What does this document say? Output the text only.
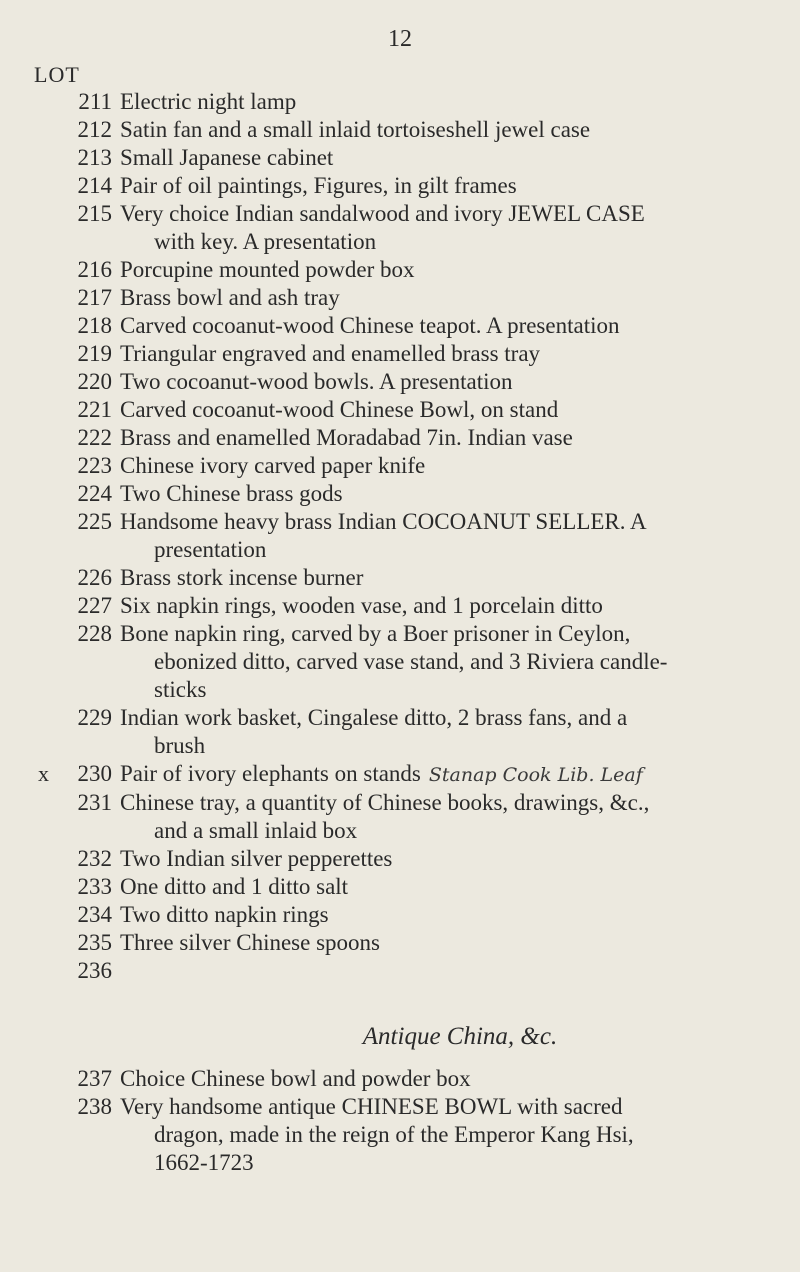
12
LOT
211 Electric night lamp
212 Satin fan and a small inlaid tortoiseshell jewel case
213 Small Japanese cabinet
214 Pair of oil paintings, Figures, in gilt frames
215 Very choice Indian sandalwood and ivory JEWEL CASE
with key. A presentation
216 Porcupine mounted powder box
217 Brass bowl and ash tray
218 Carved cocoanut-wood Chinese teapot. A presentation
219 Triangular engraved and enamelled brass tray
220 Two cocoanut-wood bowls. A presentation
221 Carved cocoanut-wood Chinese Bowl, on stand
222 Brass and enamelled Moradabad 7in. Indian vase
223 Chinese ivory carved paper knife
224 Two Chinese brass gods
225 Handsome heavy brass Indian COCOANUT SELLER. A
presentation
226 Brass stork incense burner
227 Six napkin rings, wooden vase, and 1 porcelain ditto
228 Bone napkin ring, carved by a Boer prisoner in Ceylon,
ebonized ditto, carved vase stand, and 3 Riviera candle-
sticks
229 Indian work basket, Cingalese ditto, 2 brass fans, and a
brush
230
x	Pair of ivory elephants on stands Stanap Cook Lib. Leaf
231 Chinese tray, a quantity of Chinese books, drawings, &c.,
and a small inlaid box
232 Two Indian silver pepperettes
233 One ditto and 1 ditto salt
234 Two ditto napkin rings
235 Three silver Chinese spoons
236
Antique China, &c.
237 Choice Chinese bowl and powder box
238 Very handsome antique CHINESE BOWL with sacred
dragon, made in the reign of the Emperor Kang Hsi,
1662-1723
